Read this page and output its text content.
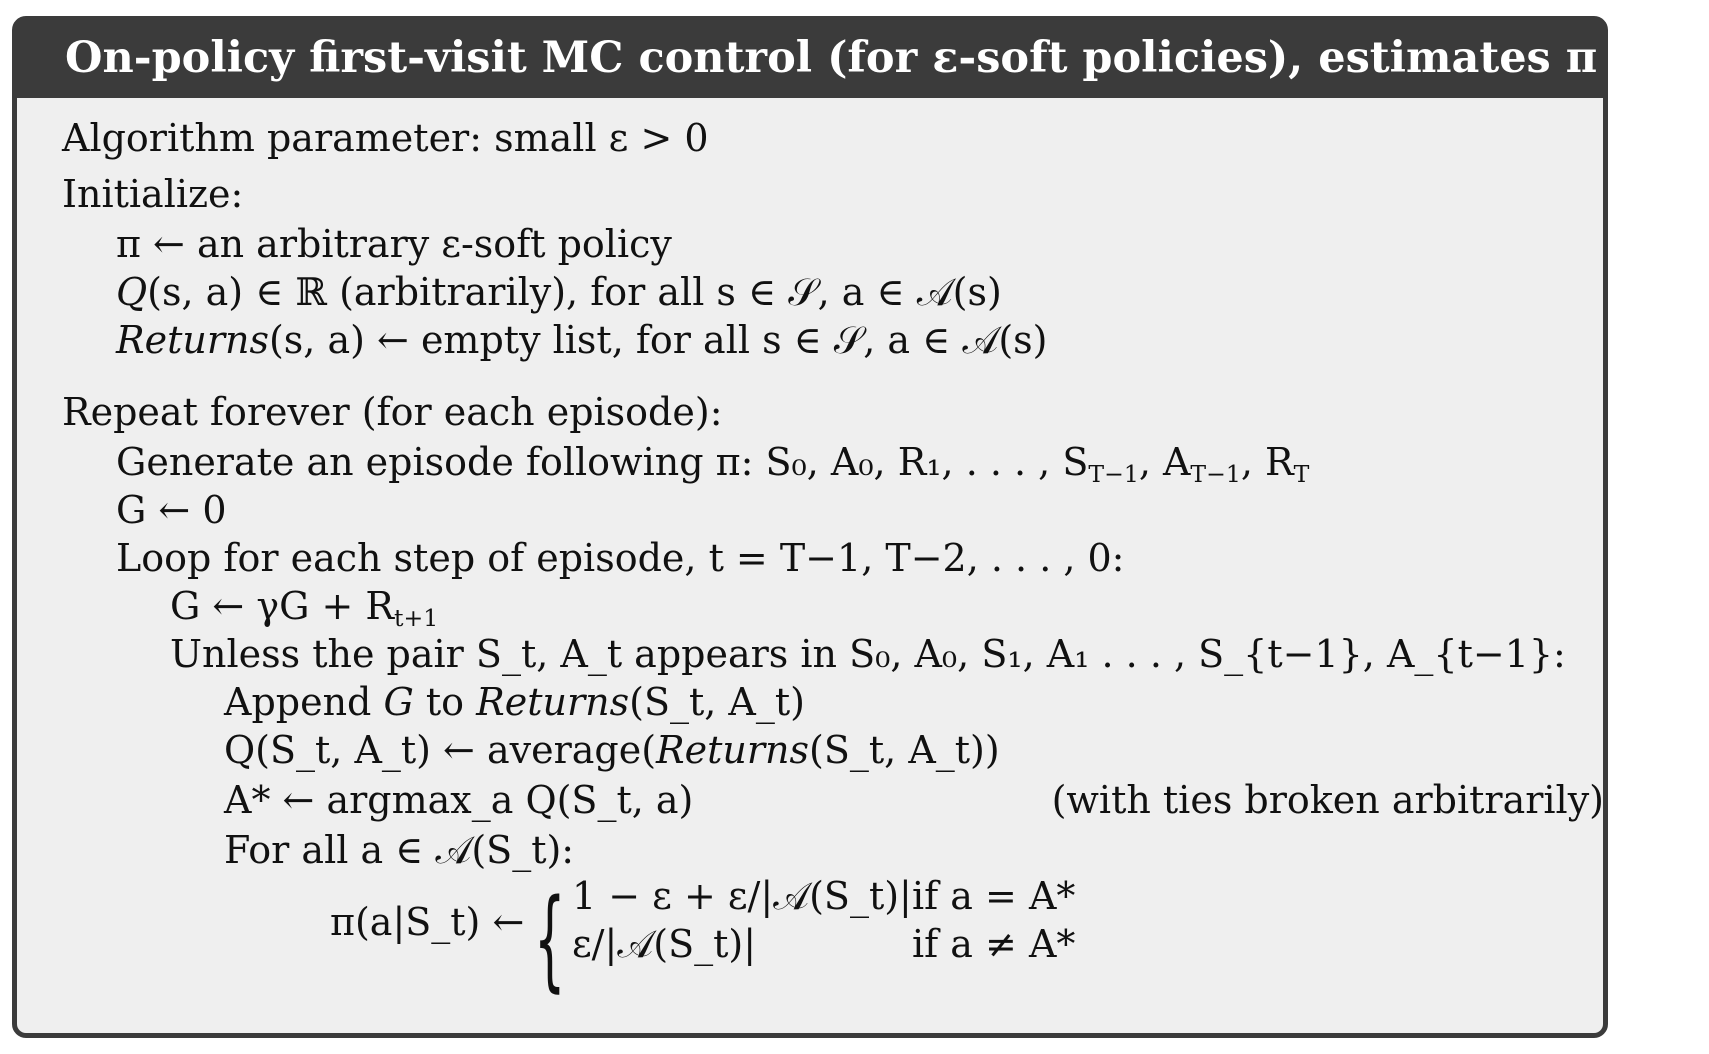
On-policy first-visit MC control (for ε-soft policies), estimates $\pi \approx \pi_*$
Algorithm parameter: small ε > 0
Initialize:
π ← an arbitrary ε-soft policy
Q(s, a) ∈ ℝ (arbitrarily), for all s ∈ 𝒮, a ∈ 𝒜(s)
Returns(s, a) ← empty list, for all s ∈ 𝒮, a ∈ 𝒜(s)
Repeat forever (for each episode):
Generate an episode following π: S₀, A₀, R₁, . . . , $S_{T-1}$, $A_{T-1}$, $R_T$
G ← 0
Loop for each step of episode, t = T−1, T−2, . . . , 0:
G ← $\gamma G + R_{t+1}$
Unless the pair S_t, A_t appears in S₀, A₀, S₁, A₁ . . . , S_{t−1}, A_{t−1}:
Append G to Returns(S_t, A_t)
Q(S_t, A_t) ← average(Returns(S_t, A_t))
A* ← argmax_a Q(S_t, a)	(with ties broken arbitrarily)
For all a ∈ 𝒜(S_t):
π(a|S_t) ← { 1 − ε + ε/|𝒜(S_t)| if a = A*
ε/|𝒜(S_t)|	if a ≠ A*
